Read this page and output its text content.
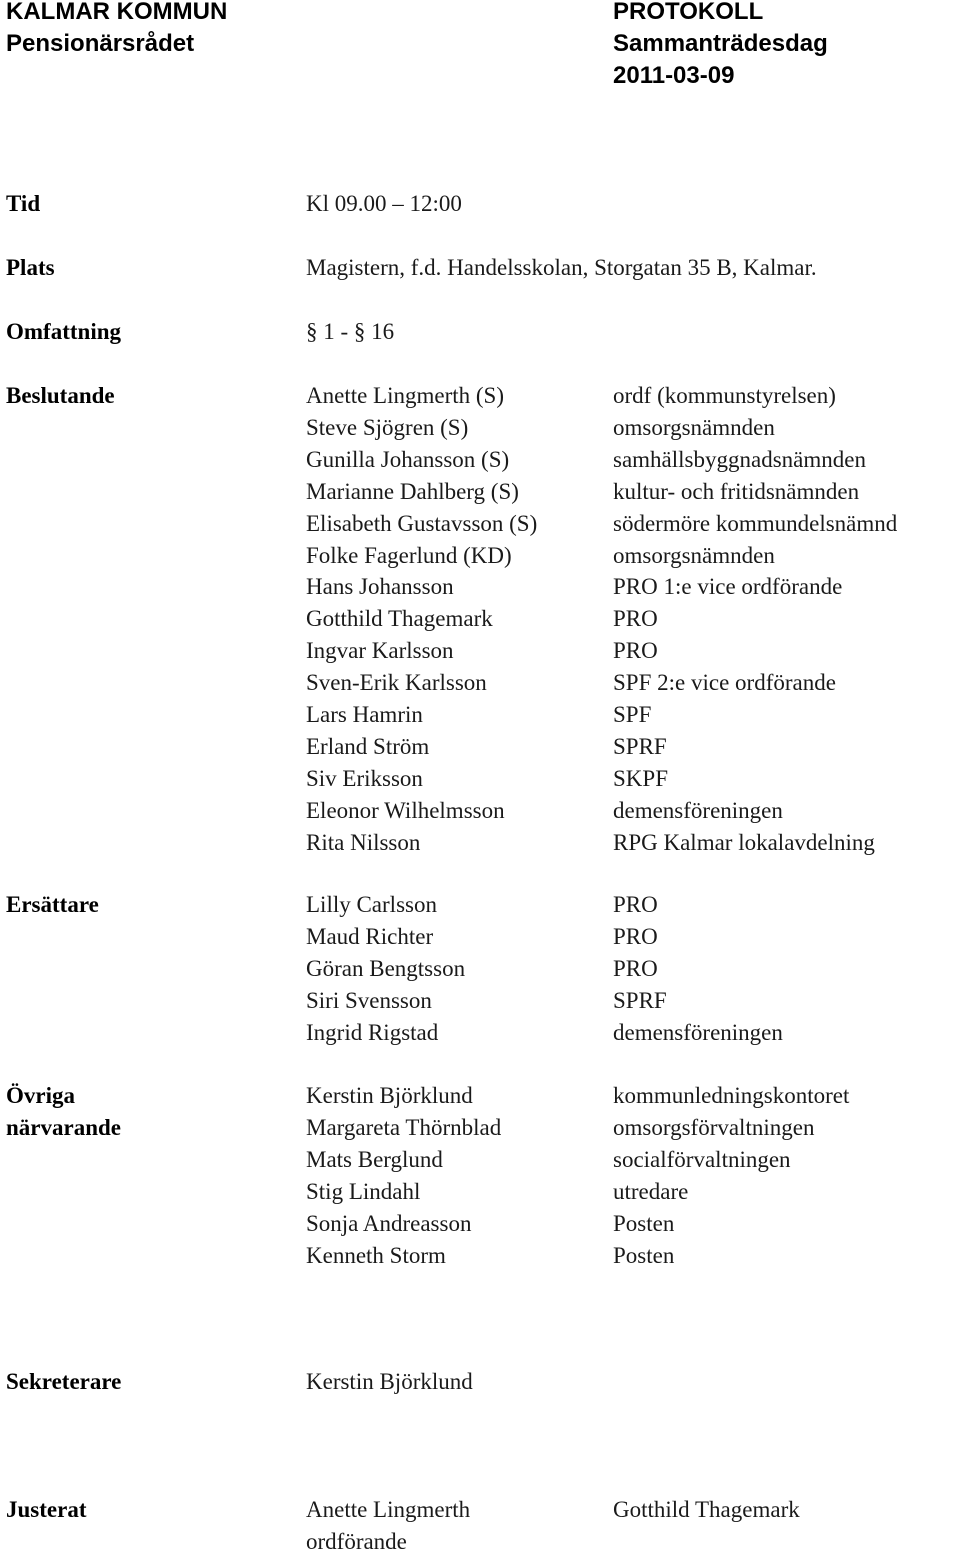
KALMAR KOMMUN
Pensionärsrådet
PROTOKOLL
Sammanträdesdag
2011-03-09
Tid	Kl 09.00 – 12:00
Plats	Magistern, f.d. Handelsskolan, Storgatan 35 B, Kalmar.
Omfattning	§ 1 - § 16
Beslutande	Anette Lingmerth (S)	ordf (kommunstyrelsen)
Steve Sjögren (S)	omsorgsnämnden
Gunilla Johansson (S)	samhällsbyggnadsnämnden
Marianne Dahlberg (S)	kultur- och fritidsnämnden
Elisabeth Gustavsson (S)	södermöre kommundelsnämnd
Folke Fagerlund (KD)	omsorgsnämnden
Hans Johansson	PRO 1:e vice ordförande
Gotthild Thagemark	PRO
Ingvar Karlsson	PRO
Sven-Erik Karlsson	SPF 2:e vice ordförande
Lars Hamrin	SPF
Erland Ström	SPRF
Siv Eriksson	SKPF
Eleonor Wilhelmsson	demensföreningen
Rita Nilsson	RPG Kalmar lokalavdelning
Ersättare	Lilly Carlsson	PRO
Maud Richter	PRO
Göran Bengtsson	PRO
Siri Svensson	SPRF
Ingrid Rigstad	demensföreningen
Övriga
närvarande
Kerstin Björklund	kommunledningskontoret
Margareta Thörnblad	omsorgsförvaltningen
Mats Berglund	socialförvaltningen
Stig Lindahl	utredare
Sonja Andreasson	Posten
Kenneth Storm	Posten
Sekreterare	Kerstin Björklund
Justerat	Anette Lingmerth	Gotthild Thagemark
ordförande
